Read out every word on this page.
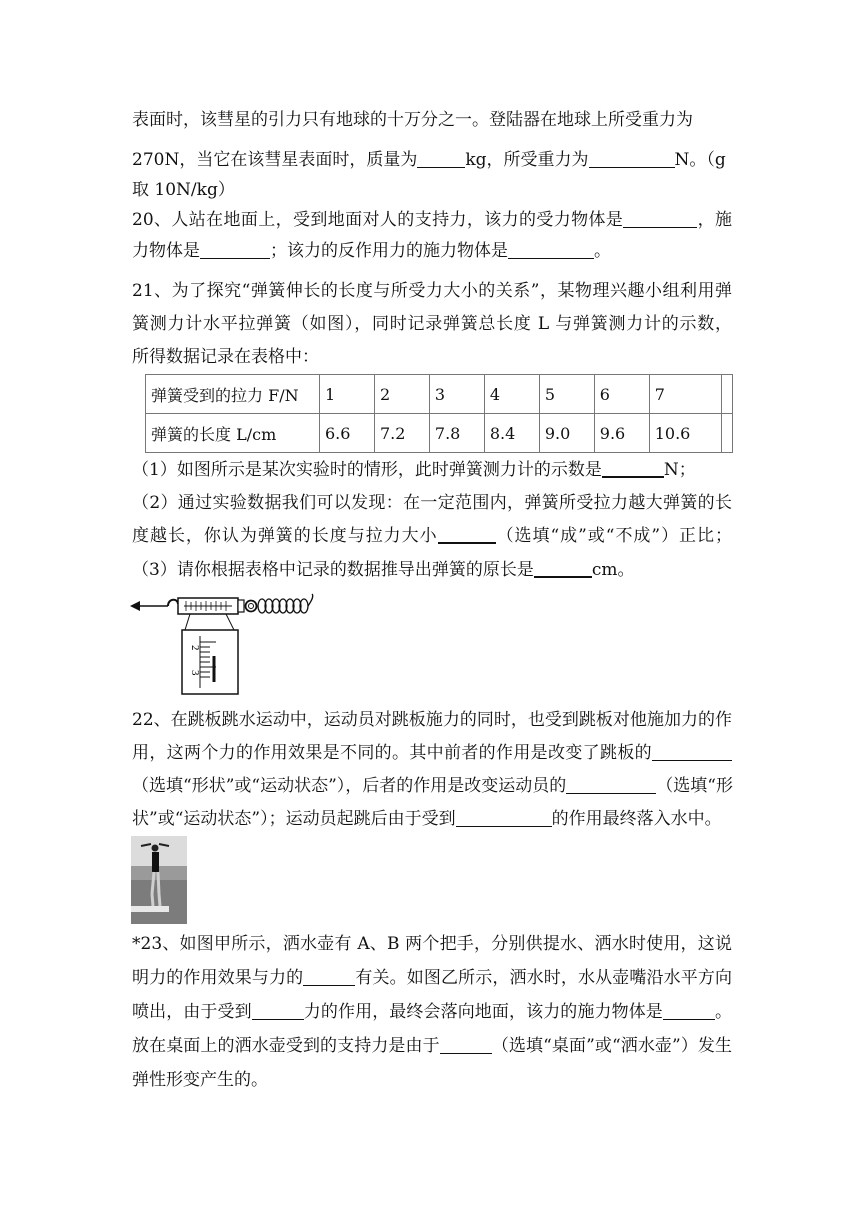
表面时，该彗星的引力只有地球的十万分之一。登陆器在地球上所受重力为
270N，当它在该彗星表面时，质量为	kg，所受重力为	N。（g
取 10N/kg）
20、人站在地面上，受到地面对人的支持力，该力的受力物体是	，施
力物体是	；该力的反作用力的施力物体是	。
21、为了探究“弹簧伸长的长度与所受力大小的关系”，某物理兴趣小组利用弹
簧测力计水平拉弹簧（如图），同时记录弹簧总长度 L 与弹簧测力计的示数，
所得数据记录在表格中：
弹簧受到的拉力 F/N	1	2	3	4	5	6	7	
弹簧的长度 L/cm	6.6	7.2	7.8	8.4	9.0	9.6	10.6	
（1）如图所示是某次实验时的情形，此时弹簧测力计的示数是	N；
（2）通过实验数据我们可以发现：在一定范围内，弹簧所受拉力越大弹簧的长
度越长，你认为弹簧的长度与拉力大小	（选填“成”或“不成”）正比；
（3）请你根据表格中记录的数据推导出弹簧的原长是	cm。
2
3
22、在跳板跳水运动中，运动员对跳板施力的同时，也受到跳板对他施加力的作
用，这两个力的作用效果是不同的。其中前者的作用是改变了跳板的
（选填“形状”或“运动状态”），后者的作用是改变运动员的	（选填“形
状”或“运动状态”）；运动员起跳后由于受到	的作用最终落入水中。
*23、如图甲所示，洒水壶有 A、B 两个把手，分别供提水、洒水时使用，这说
明力的作用效果与力的	有关。如图乙所示，洒水时，水从壶嘴沿水平方向
喷出，由于受到	力的作用，最终会落向地面，该力的施力物体是	。
放在桌面上的洒水壶受到的支持力是由于	（选填“桌面”或“洒水壶”）发生
弹性形变产生的。
